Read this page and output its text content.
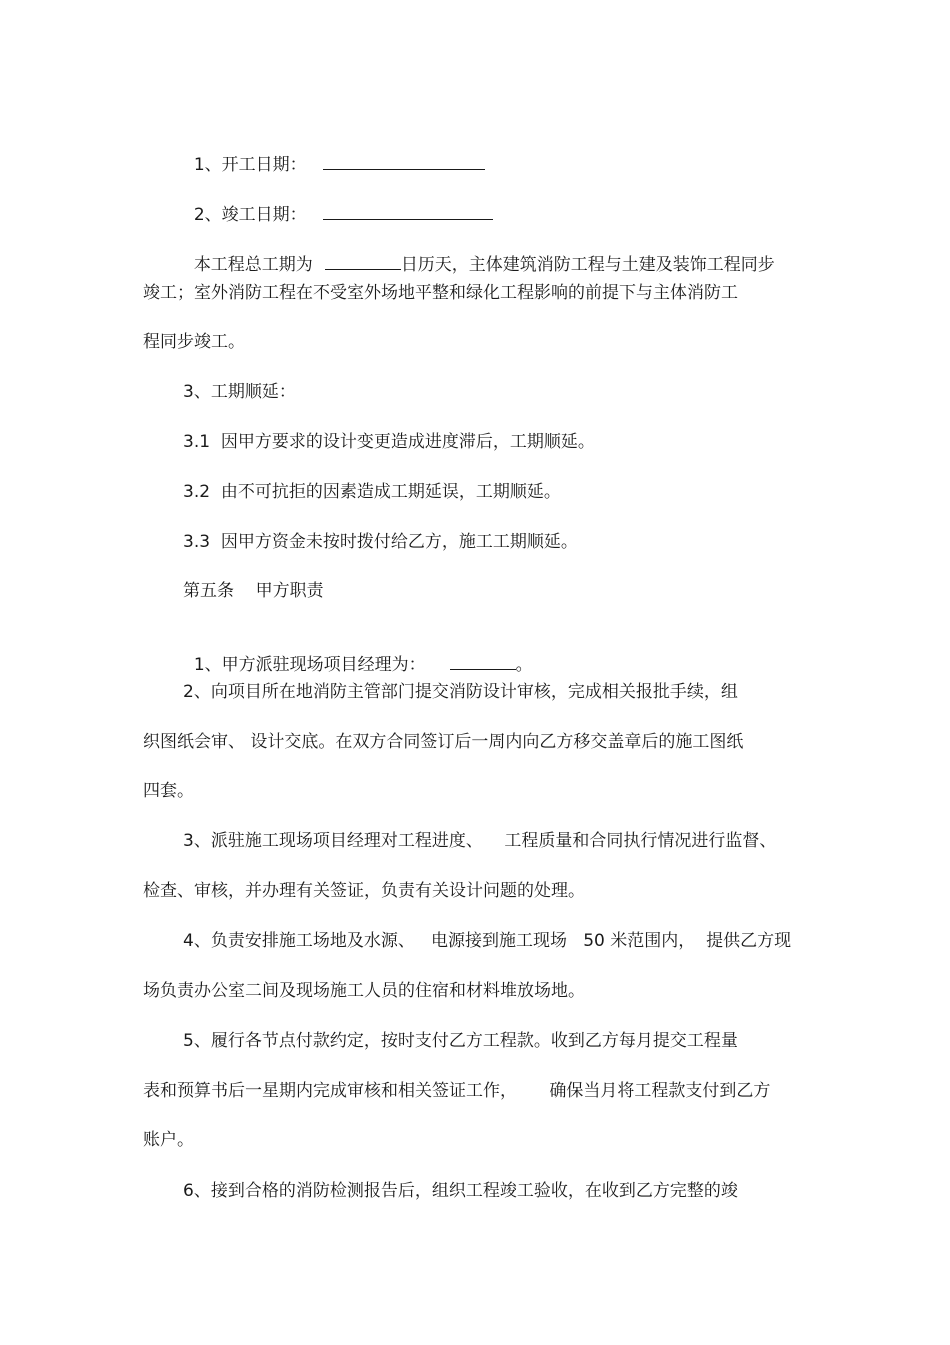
1、开工日期：

2、竣工日期：

本工程总工期为	日历天，主体建筑消防工程与土建及装饰工程同步

竣工；室外消防工程在不受室外场地平整和绿化工程影响的前提下与主体消防工
程同步竣工。
3、工期顺延：
3.1  因甲方要求的设计变更造成进度滞后，工期顺延。
3.2  由不可抗拒的因素造成工期延误，工期顺延。
3.3  因甲方资金未按时拨付给乙方，施工工期顺延。
第五条    甲方职责

1、甲方派驻现场项目经理为：	。

2、向项目所在地消防主管部门提交消防设计审核，完成相关报批手续，组
织图纸会审、 设计交底。在双方合同签订后一周内向乙方移交盖章后的施工图纸
四套。
3、派驻施工现场项目经理对工程进度、    工程质量和合同执行情况进行监督、
检查、审核，并办理有关签证，负责有关设计问题的处理。
4、负责安排施工场地及水源、   电源接到施工现场   50 米范围内，  提供乙方现
场负责办公室二间及现场施工人员的住宿和材料堆放场地。
5、履行各节点付款约定，按时支付乙方工程款。收到乙方每月提交工程量
表和预算书后一星期内完成审核和相关签证工作，      确保当月将工程款支付到乙方
账户。
6、接到合格的消防检测报告后，组织工程竣工验收，在收到乙方完整的竣
